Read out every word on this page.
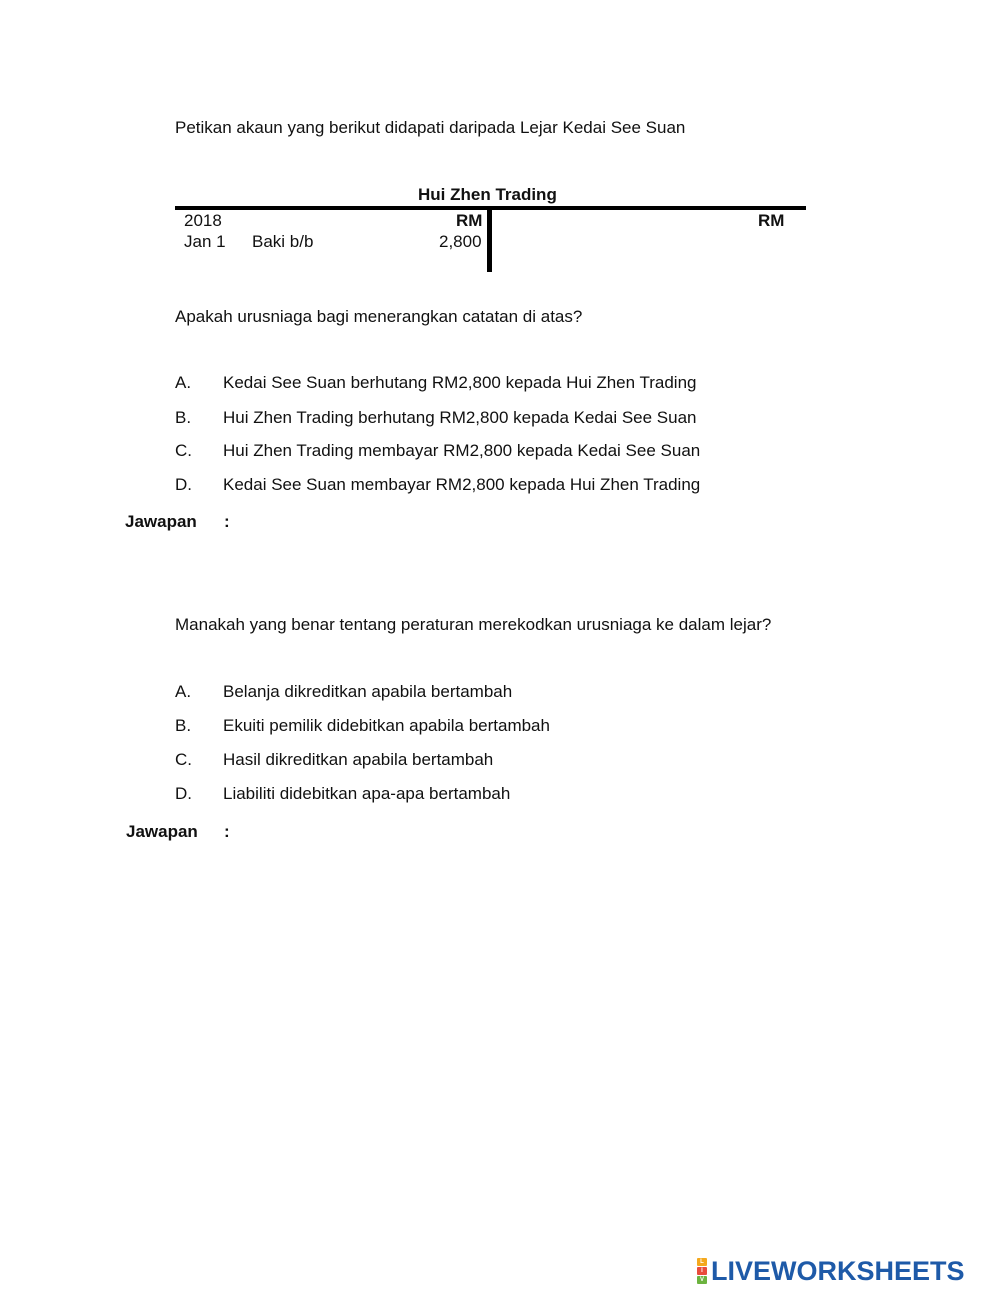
Petikan akaun yang berikut didapati daripada Lejar Kedai See Suan
Hui Zhen Trading
2018	RM	RM
Jan 1 Baki b/b	2,800
Apakah urusniaga bagi menerangkan catatan di atas?
A. Kedai See Suan berhutang RM2,800 kepada Hui Zhen Trading
B. Hui Zhen Trading berhutang RM2,800 kepada Kedai See Suan
C. Hui Zhen Trading membayar RM2,800 kepada Kedai See Suan
D. Kedai See Suan membayar RM2,800 kepada Hui Zhen Trading
Jawapan :
Manakah yang benar tentang peraturan merekodkan urusniaga ke dalam lejar?
A. Belanja dikreditkan apabila bertambah
B. Ekuiti pemilik didebitkan apabila bertambah
C. Hasil dikreditkan apabila bertambah
D. Liabiliti didebitkan apa-apa bertambah
Jawapan :
L
I
V LIVEWORKSHEETS
